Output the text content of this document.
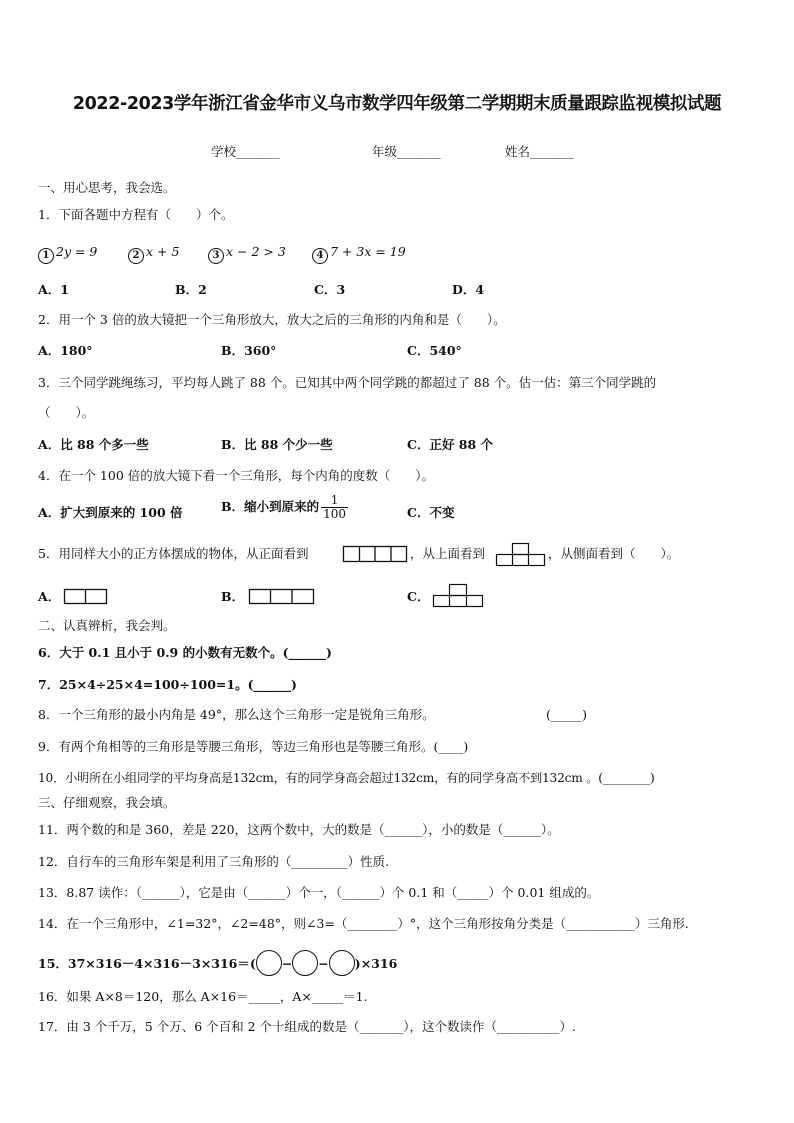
2022-2023学年浙江省金华市义乌市数学四年级第二学期期末质量跟踪监视模拟试题
学校_______	年级_______	姓名_______
一、用心思考，我会选。
1．下面各题中方程有（　　）个。
1 2y = 9	2 x + 5	3 x − 2 > 3	4 7 + 3x = 19
A．1	B．2	C．3	D．4
2．用一个 3 倍的放大镜把一个三角形放大，放大之后的三角形的内角和是（　　）。
A．180°	B．360°	C．540°
3．三个同学跳绳练习，平均每人跳了 88 个。已知其中两个同学跳的都超过了 88 个。估一估：第三个同学跳的
（　　）。
A．比 88 个多一些	B．比 88 个少一些	C．正好 88 个
4．在一个 100 倍的放大镜下看一个三角形，每个内角的度数（　　）。
A．扩大到原来的 100 倍	B．缩小到原来的 $\frac{1}{100}$	C．不变
5．用同样大小的正方体摆成的物体，从正面看到	，从上面看到	，从侧面看到（　　）。
A．	B．	C．
二、认真辨析，我会判。
6．大于 0.1 且小于 0.9 的小数有无数个。(______)
7．25×4÷25×4=100÷100=1。(______)
8．一个三角形的最小内角是 49°，那么这个三角形一定是锐角三角形。	(_____)
9．有两个角相等的三角形是等腰三角形，等边三角形也是等腰三角形。(____)
10．小明所在小组同学的平均身高是132cm，有的同学身高会超过132cm，有的同学身高不到132cm 。(________)
三、仔细观察，我会填。
11．两个数的和是 360，差是 220，这两个数中，大的数是（______），小的数是（______）。
12．自行车的三角形车架是利用了三角形的（_________）性质.
13．8.87 读作：（______），它是由（______）个一，（______）个 0.1 和（_____）个 0.01 组成的。
14．在一个三角形中，∠1=32°，∠2=48°，则∠3=（________）°，这个三角形按角分类是（___________）三角形.
15．37×316－4×316－3×316＝( − − )×316
16．如果 A×8＝120，那么 A×16＝_____，A×_____＝1.
17．由 3 个千万，5 个万、6 个百和 2 个十组成的数是（_______），这个数读作（__________）.
